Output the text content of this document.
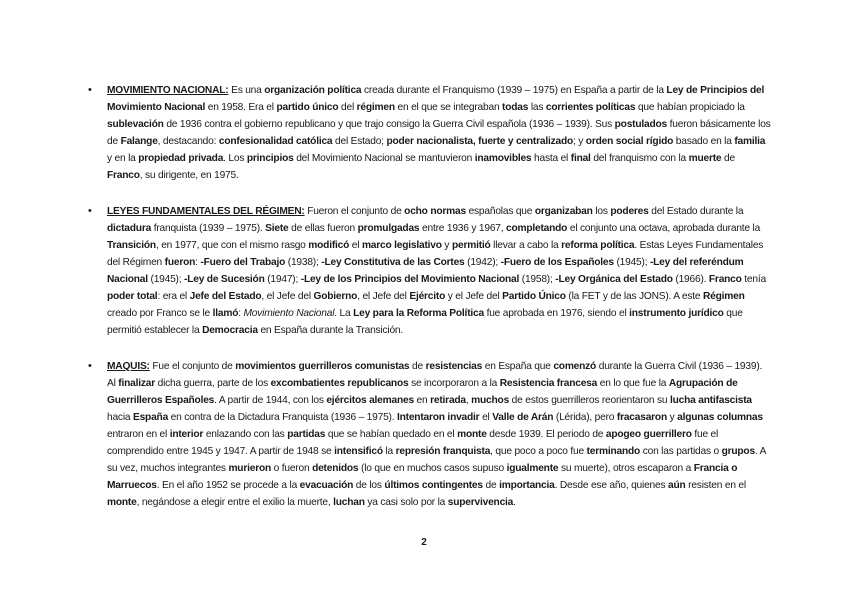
• MOVIMIENTO NACIONAL: Es una organización política creada durante el Franquismo (1939 – 1975) en España a partir de la Ley de Principios del Movimiento Nacional en 1958. Era el partido único del régimen en el que se integraban todas las corrientes políticas que habían propiciado la sublevación de 1936 contra el gobierno republicano y que trajo consigo la Guerra Civil española (1936 – 1939). Sus postulados fueron básicamente los de Falange, destacando: confesionalidad católica del Estado; poder nacionalista, fuerte y centralizado; y orden social rígido basado en la familia y en la propiedad privada. Los principios del Movimiento Nacional se mantuvieron inamovibles hasta el final del franquismo con la muerte de Franco, su dirigente, en 1975.

• LEYES FUNDAMENTALES DEL RÉGIMEN: Fueron el conjunto de ocho normas españolas que organizaban los poderes del Estado durante la dictadura franquista (1939 – 1975). Siete de ellas fueron promulgadas entre 1936 y 1967, completando el conjunto una octava, aprobada durante la Transición, en 1977, que con el mismo rasgo modificó el marco legislativo y permitió llevar a cabo la reforma política. Estas Leyes Fundamentales del Régimen fueron: -Fuero del Trabajo (1938); -Ley Constitutiva de las Cortes (1942); -Fuero de los Españoles (1945); -Ley del referéndum Nacional (1945); -Ley de Sucesión (1947); -Ley de los Principios del Movimiento Nacional (1958); -Ley Orgánica del Estado (1966). Franco tenía poder total: era el Jefe del Estado, el Jefe del Gobierno, el Jefe del Ejército y el Jefe del Partido Único (la FET y de las JONS). A este Régimen creado por Franco se le llamó: Movimiento Nacional. La Ley para la Reforma Política fue aprobada en 1976, siendo el instrumento jurídico que permitió establecer la Democracia en España durante la Transición.

• MAQUIS: Fue el conjunto de movimientos guerrilleros comunistas de resistencias en España que comenzó durante la Guerra Civil (1936 – 1939). Al finalizar dicha guerra, parte de los excombatientes republicanos se incorporaron a la Resistencia francesa en lo que fue la Agrupación de Guerrilleros Españoles. A partir de 1944, con los ejércitos alemanes en retirada, muchos de estos guerrilleros reorientaron su lucha antifascista hacia España en contra de la Dictadura Franquista (1936 – 1975). Intentaron invadir el Valle de Arán (Lérida), pero fracasaron y algunas columnas entraron en el interior enlazando con las partidas que se habían quedado en el monte desde 1939. El periodo de apogeo guerrillero fue el comprendido entre 1945 y 1947. A partir de 1948 se intensificó la represión franquista, que poco a poco fue terminando con las partidas o grupos. A su vez, muchos integrantes murieron o fueron detenidos (lo que en muchos casos supuso igualmente su muerte), otros escaparon a Francia o Marruecos. En el año 1952 se procede a la evacuación de los últimos contingentes de importancia. Desde ese año, quienes aún resisten en el monte, negándose a elegir entre el exilio la muerte, luchan ya casi solo por la supervivencia.

2
